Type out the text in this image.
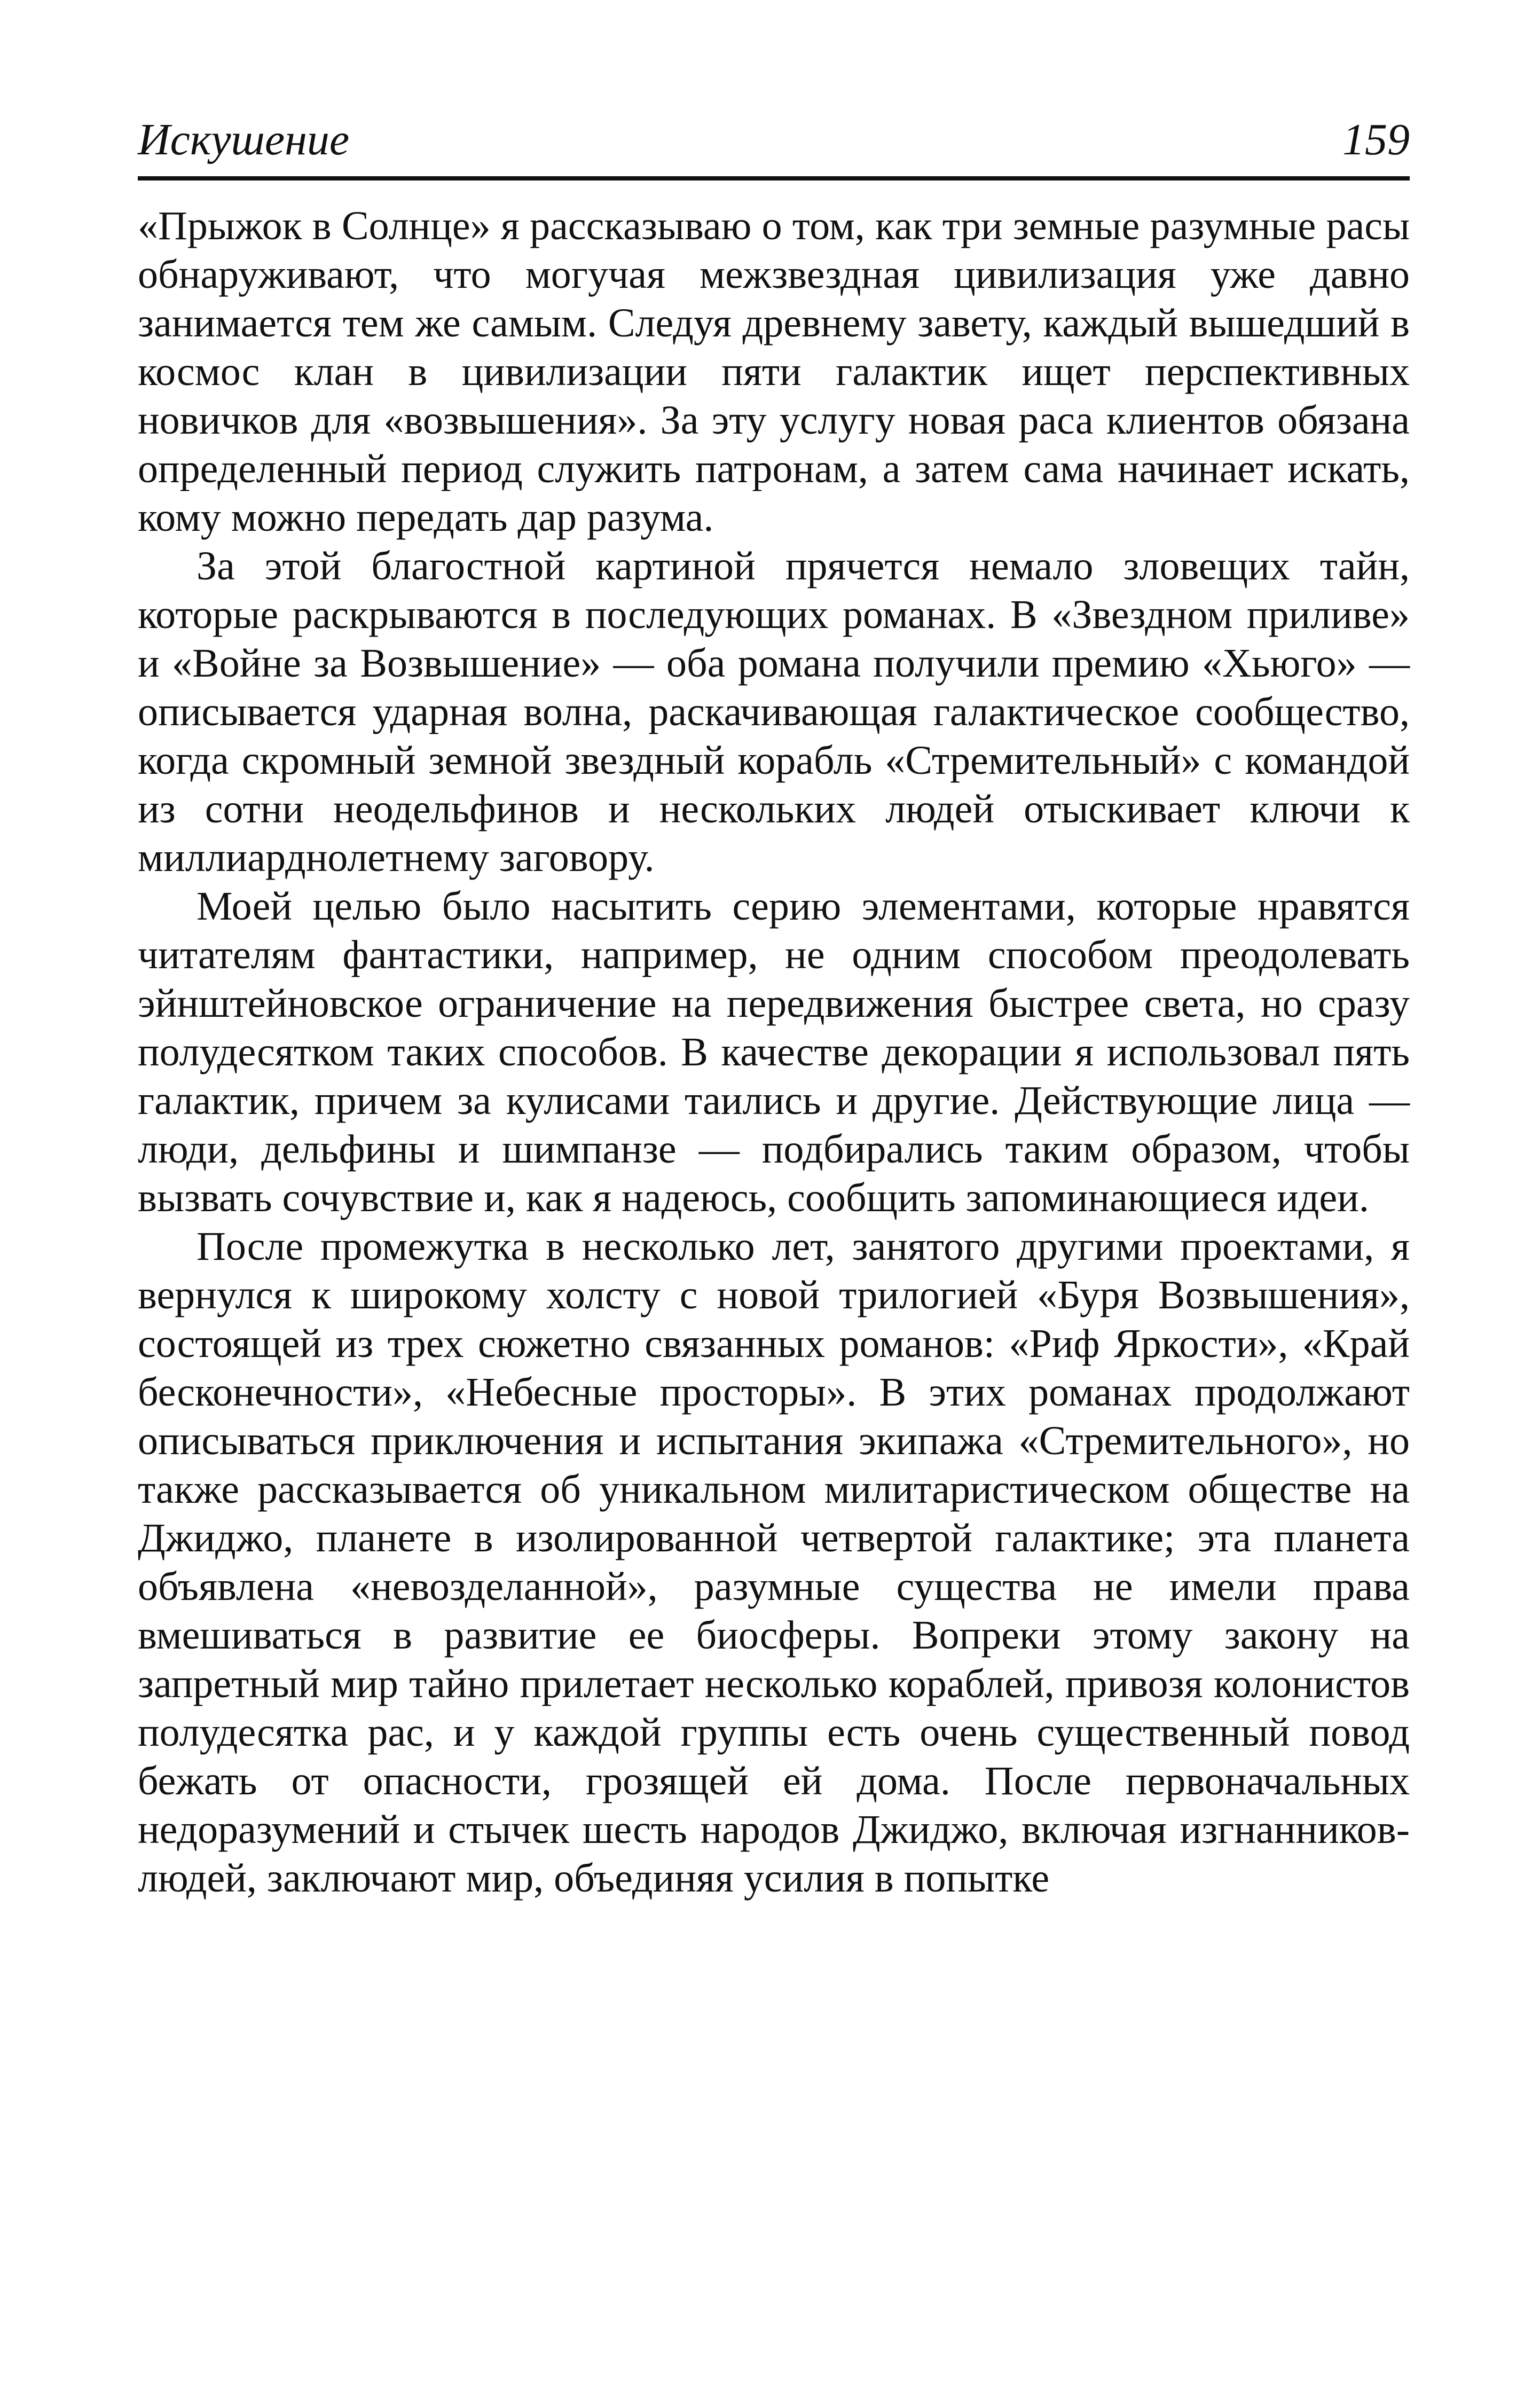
Искушение	159

«Прыжок в Солнце» я рассказываю о том, как три земные разумные расы обнаруживают, что могучая межзвездная цивилизация уже давно занимается тем же самым. Следуя древнему завету, каждый вышедший в космос клан в цивилизации пяти галактик ищет перспективных новичков для «возвышения». За эту услугу новая раса клиентов обязана определенный период служить патронам, а затем сама начинает искать, кому можно передать дар разума.

За этой благостной картиной прячется немало зловещих тайн, которые раскрываются в последующих романах. В «Звездном приливе» и «Войне за Возвышение» — оба романа получили премию «Хьюго» — описывается ударная волна, раскачивающая галактическое сообщество, когда скромный земной звездный корабль «Стремительный» с командой из сотни неодельфинов и нескольких людей отыскивает ключи к миллиарднолетнему заговору.

Моей целью было насытить серию элементами, которые нравятся читателям фантастики, например, не одним способом преодолевать эйнштейновское ограничение на передвижения быстрее света, но сразу полудесятком таких способов. В качестве декорации я использовал пять галактик, причем за кулисами таились и другие. Действующие лица — люди, дельфины и шимпанзе — подбирались таким образом, чтобы вызвать сочувствие и, как я надеюсь, сообщить запоминающиеся идеи.

После промежутка в несколько лет, занятого другими проектами, я вернулся к широкому холсту с новой трилогией «Буря Возвышения», состоящей из трех сюжетно связанных романов: «Риф Яркости», «Край бесконечности», «Небесные просторы». В этих романах продолжают описываться приключения и испытания экипажа «Стремительного», но также рассказывается об уникальном милитаристическом обществе на Джиджо, планете в изолированной четвертой галактике; эта планета объявлена «невозделанной», разумные существа не имели права вмешиваться в развитие ее биосферы. Вопреки этому закону на запретный мир тайно прилетает несколько кораблей, привозя колонистов полудесятка рас, и у каждой группы есть очень существенный повод бежать от опасности, грозящей ей дома. После первоначальных недоразумений и стычек шесть народов Джиджо, включая изгнанников-людей, заключают мир, объединяя усилия в попытке
